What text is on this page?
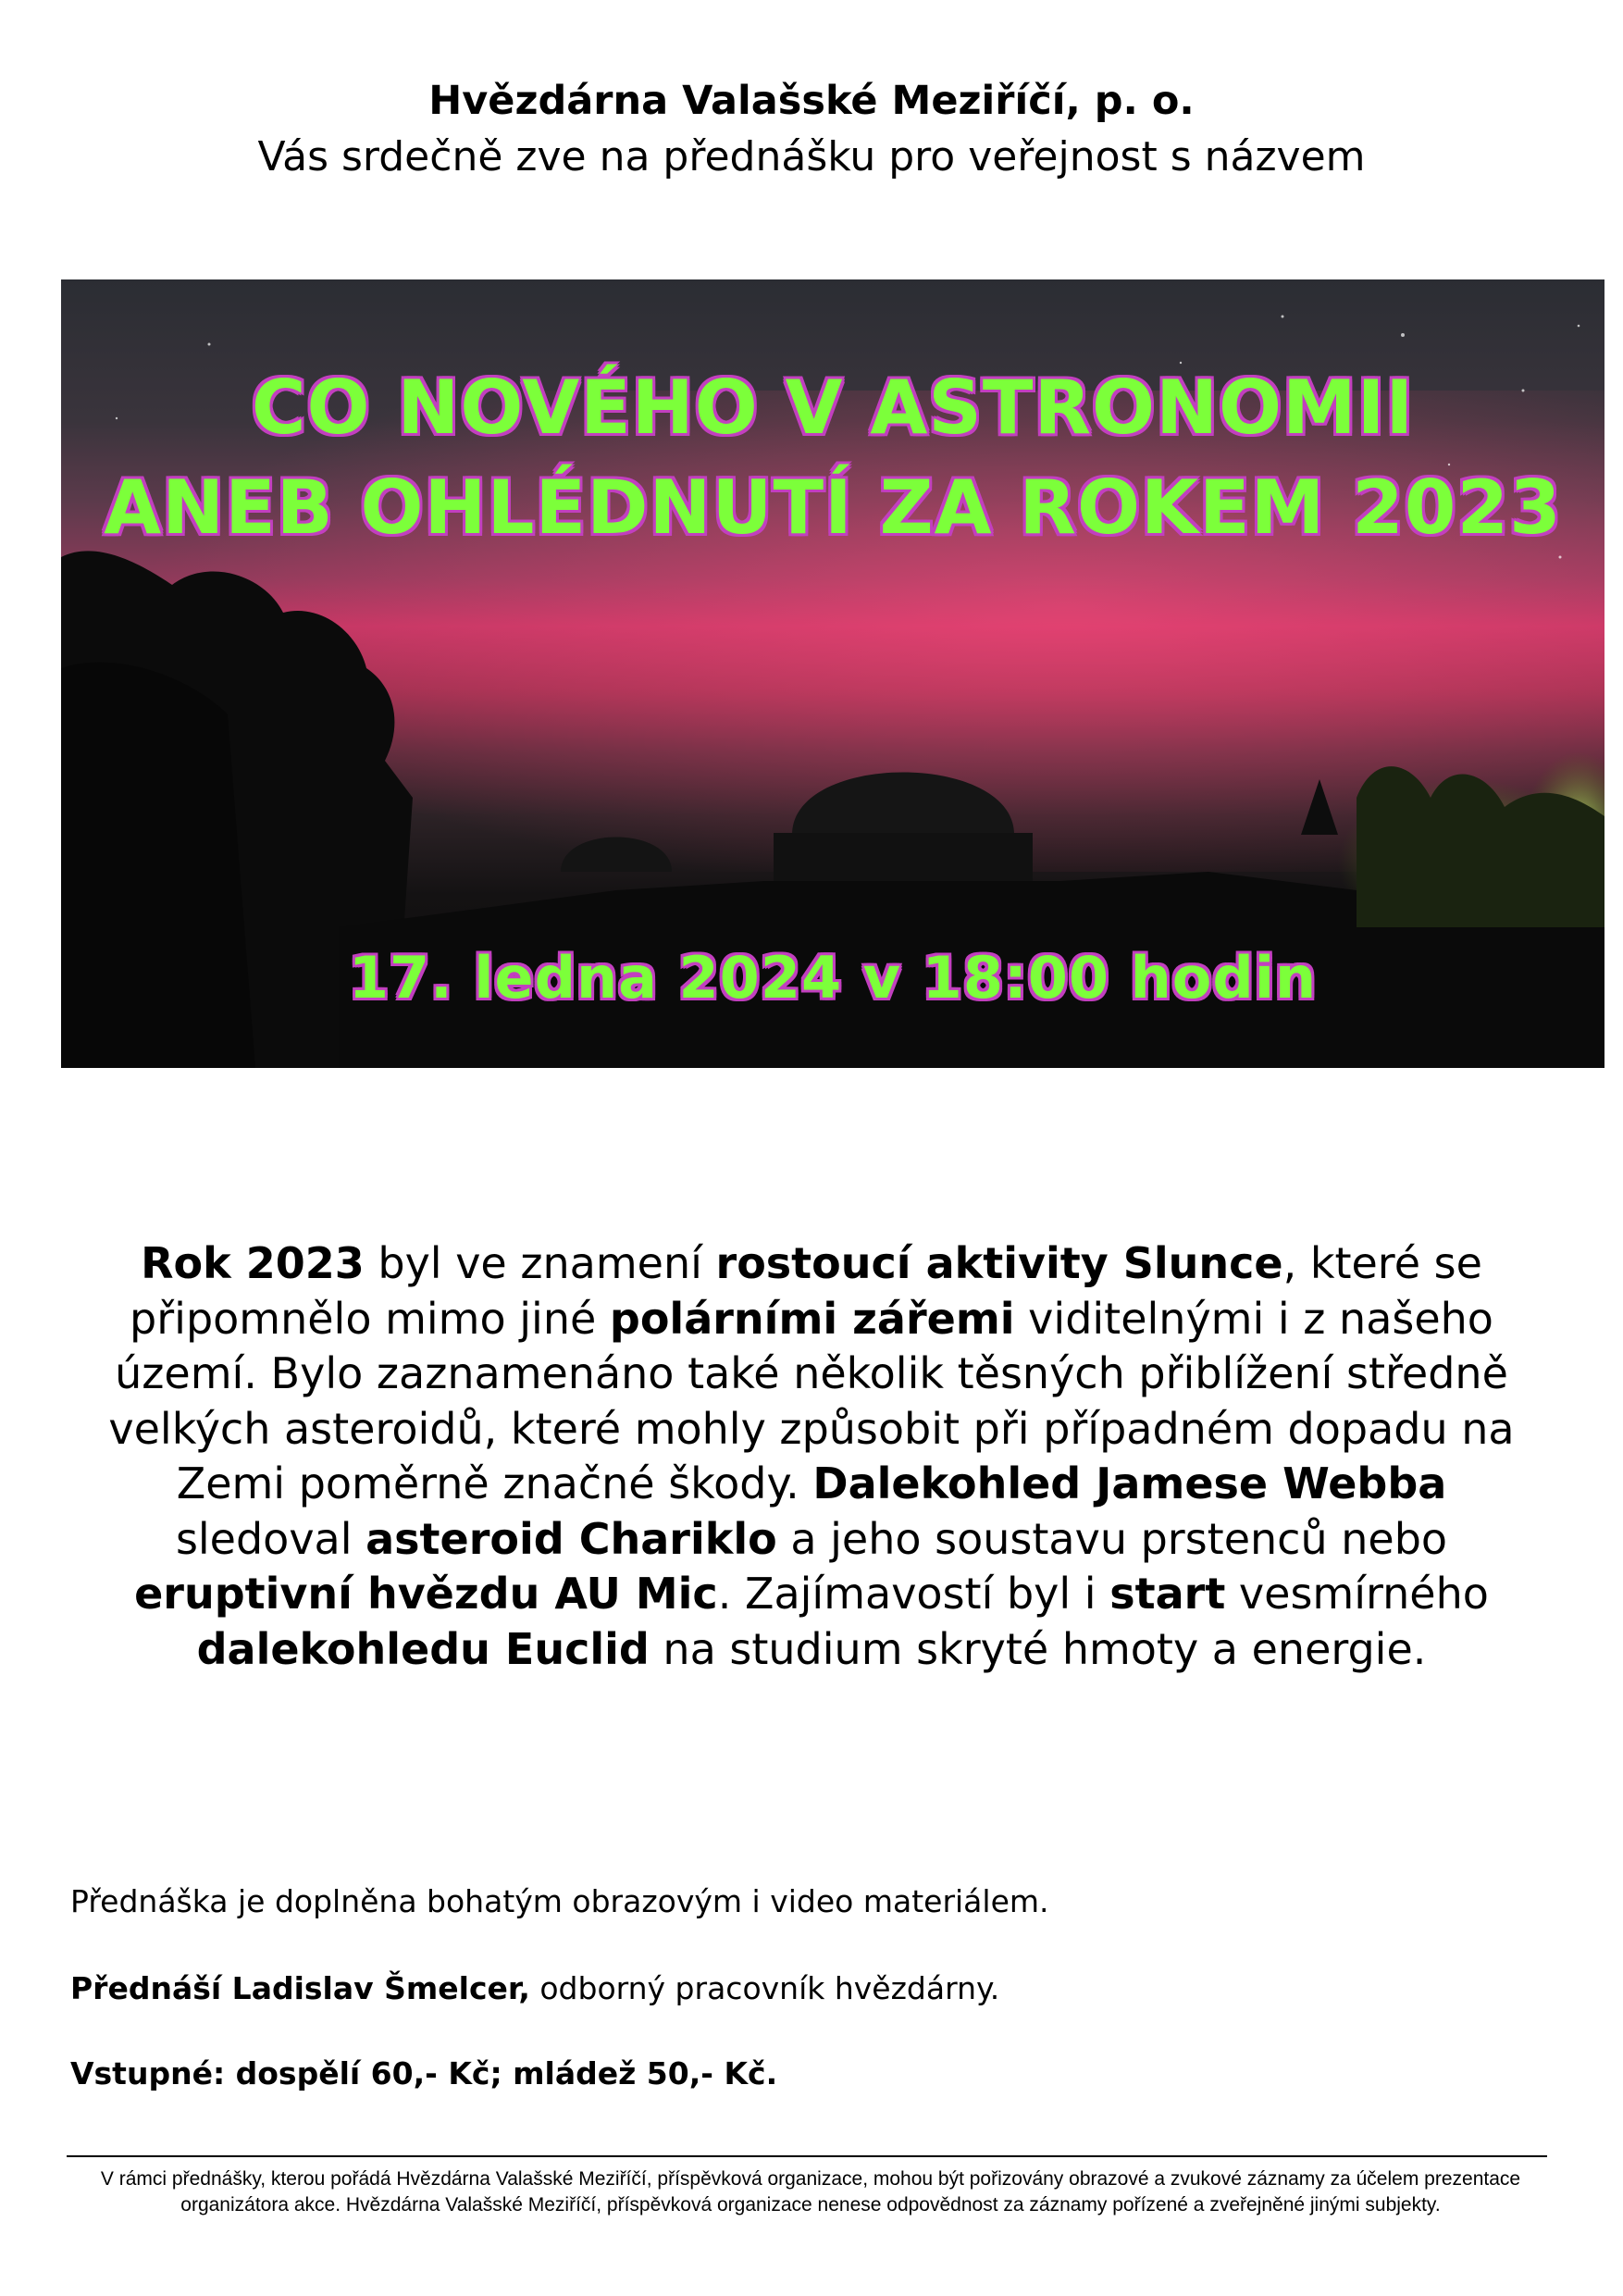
Hvězdárna Valašské Meziříčí, p. o.
Vás srdečně zve na přednášku pro veřejnost s názvem
CO NOVÉHO V ASTRONOMII
ANEB OHLÉDNUTÍ ZA ROKEM 2023
17. ledna 2024 v 18:00 hodin
Rok 2023 byl ve znamení rostoucí aktivity Slunce, které se připomnělo mimo jiné polárními zářemi viditelnými i z našeho území. Bylo zaznamenáno také několik těsných přiblížení středně velkých asteroidů, které mohly způsobit při případném dopadu na Zemi poměrně značné škody. Dalekohled Jamese Webba sledoval asteroid Chariklo a jeho soustavu prstenců nebo eruptivní hvězdu AU Mic. Zajímavostí byl i start vesmírného dalekohledu Euclid na studium skryté hmoty a energie.
Přednáška je doplněna bohatým obrazovým i video materiálem.
Přednáší Ladislav Šmelcer, odborný pracovník hvězdárny.
Vstupné: dospělí 60,- Kč; mládež 50,- Kč.
V rámci přednášky, kterou pořádá Hvězdárna Valašské Meziříčí, příspěvková organizace, mohou být pořizovány obrazové a zvukové záznamy za účelem prezentace
organizátora akce. Hvězdárna Valašské Meziříčí, příspěvková organizace nenese odpovědnost za záznamy pořízené a zveřejněné jinými subjekty.
